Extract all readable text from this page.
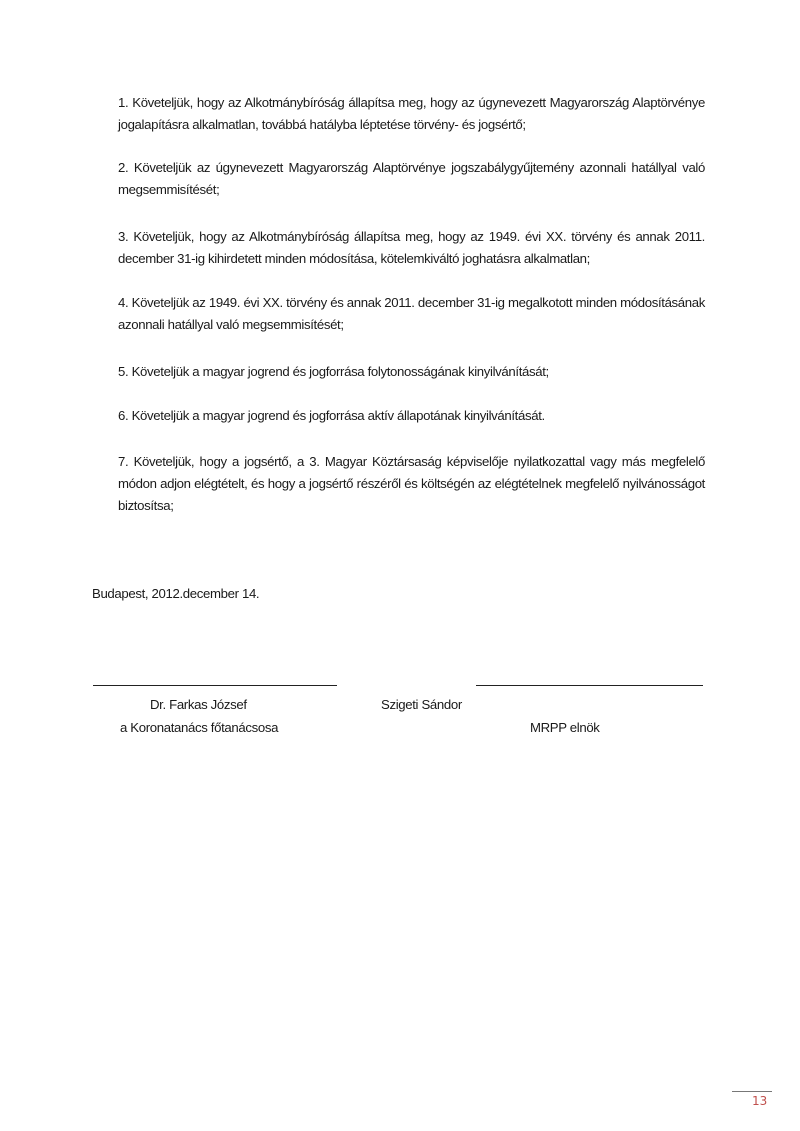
1. Követeljük, hogy az Alkotmánybíróság állapítsa meg, hogy az úgynevezett Magyarország Alaptörvénye jogalapításra alkalmatlan, továbbá hatályba léptetése törvény- és jogsértő;

2. Követeljük az úgynevezett Magyarország Alaptörvénye jogszabálygyűjtemény azonnali hatállyal való megsemmisítését;

3. Követeljük, hogy az Alkotmánybíróság állapítsa meg, hogy az 1949. évi XX. törvény és annak 2011. december 31-ig kihirdetett minden módosítása, kötelemkiváltó joghatásra alkalmatlan;

4. Követeljük az 1949. évi XX. törvény és annak 2011. december 31-ig megalkotott minden módosításának azonnali hatállyal való megsemmisítését;

5. Követeljük a magyar jogrend és jogforrása folytonosságának kinyilvánítását;

6. Követeljük a magyar jogrend és jogforrása aktív állapotának kinyilvánítását.

7. Követeljük, hogy a jogsértő, a 3. Magyar Köztársaság képviselője nyilatkozattal vagy más megfelelő módon adjon elégtételt, és hogy a jogsértő részéről és költségén az elégtételnek megfelelő nyilvánosságot biztosítsa;

Budapest, 2012.december 14.
Dr. Farkas József	Szigeti Sándor
a Koronatanács főtanácsosa	MRPP elnök
13
